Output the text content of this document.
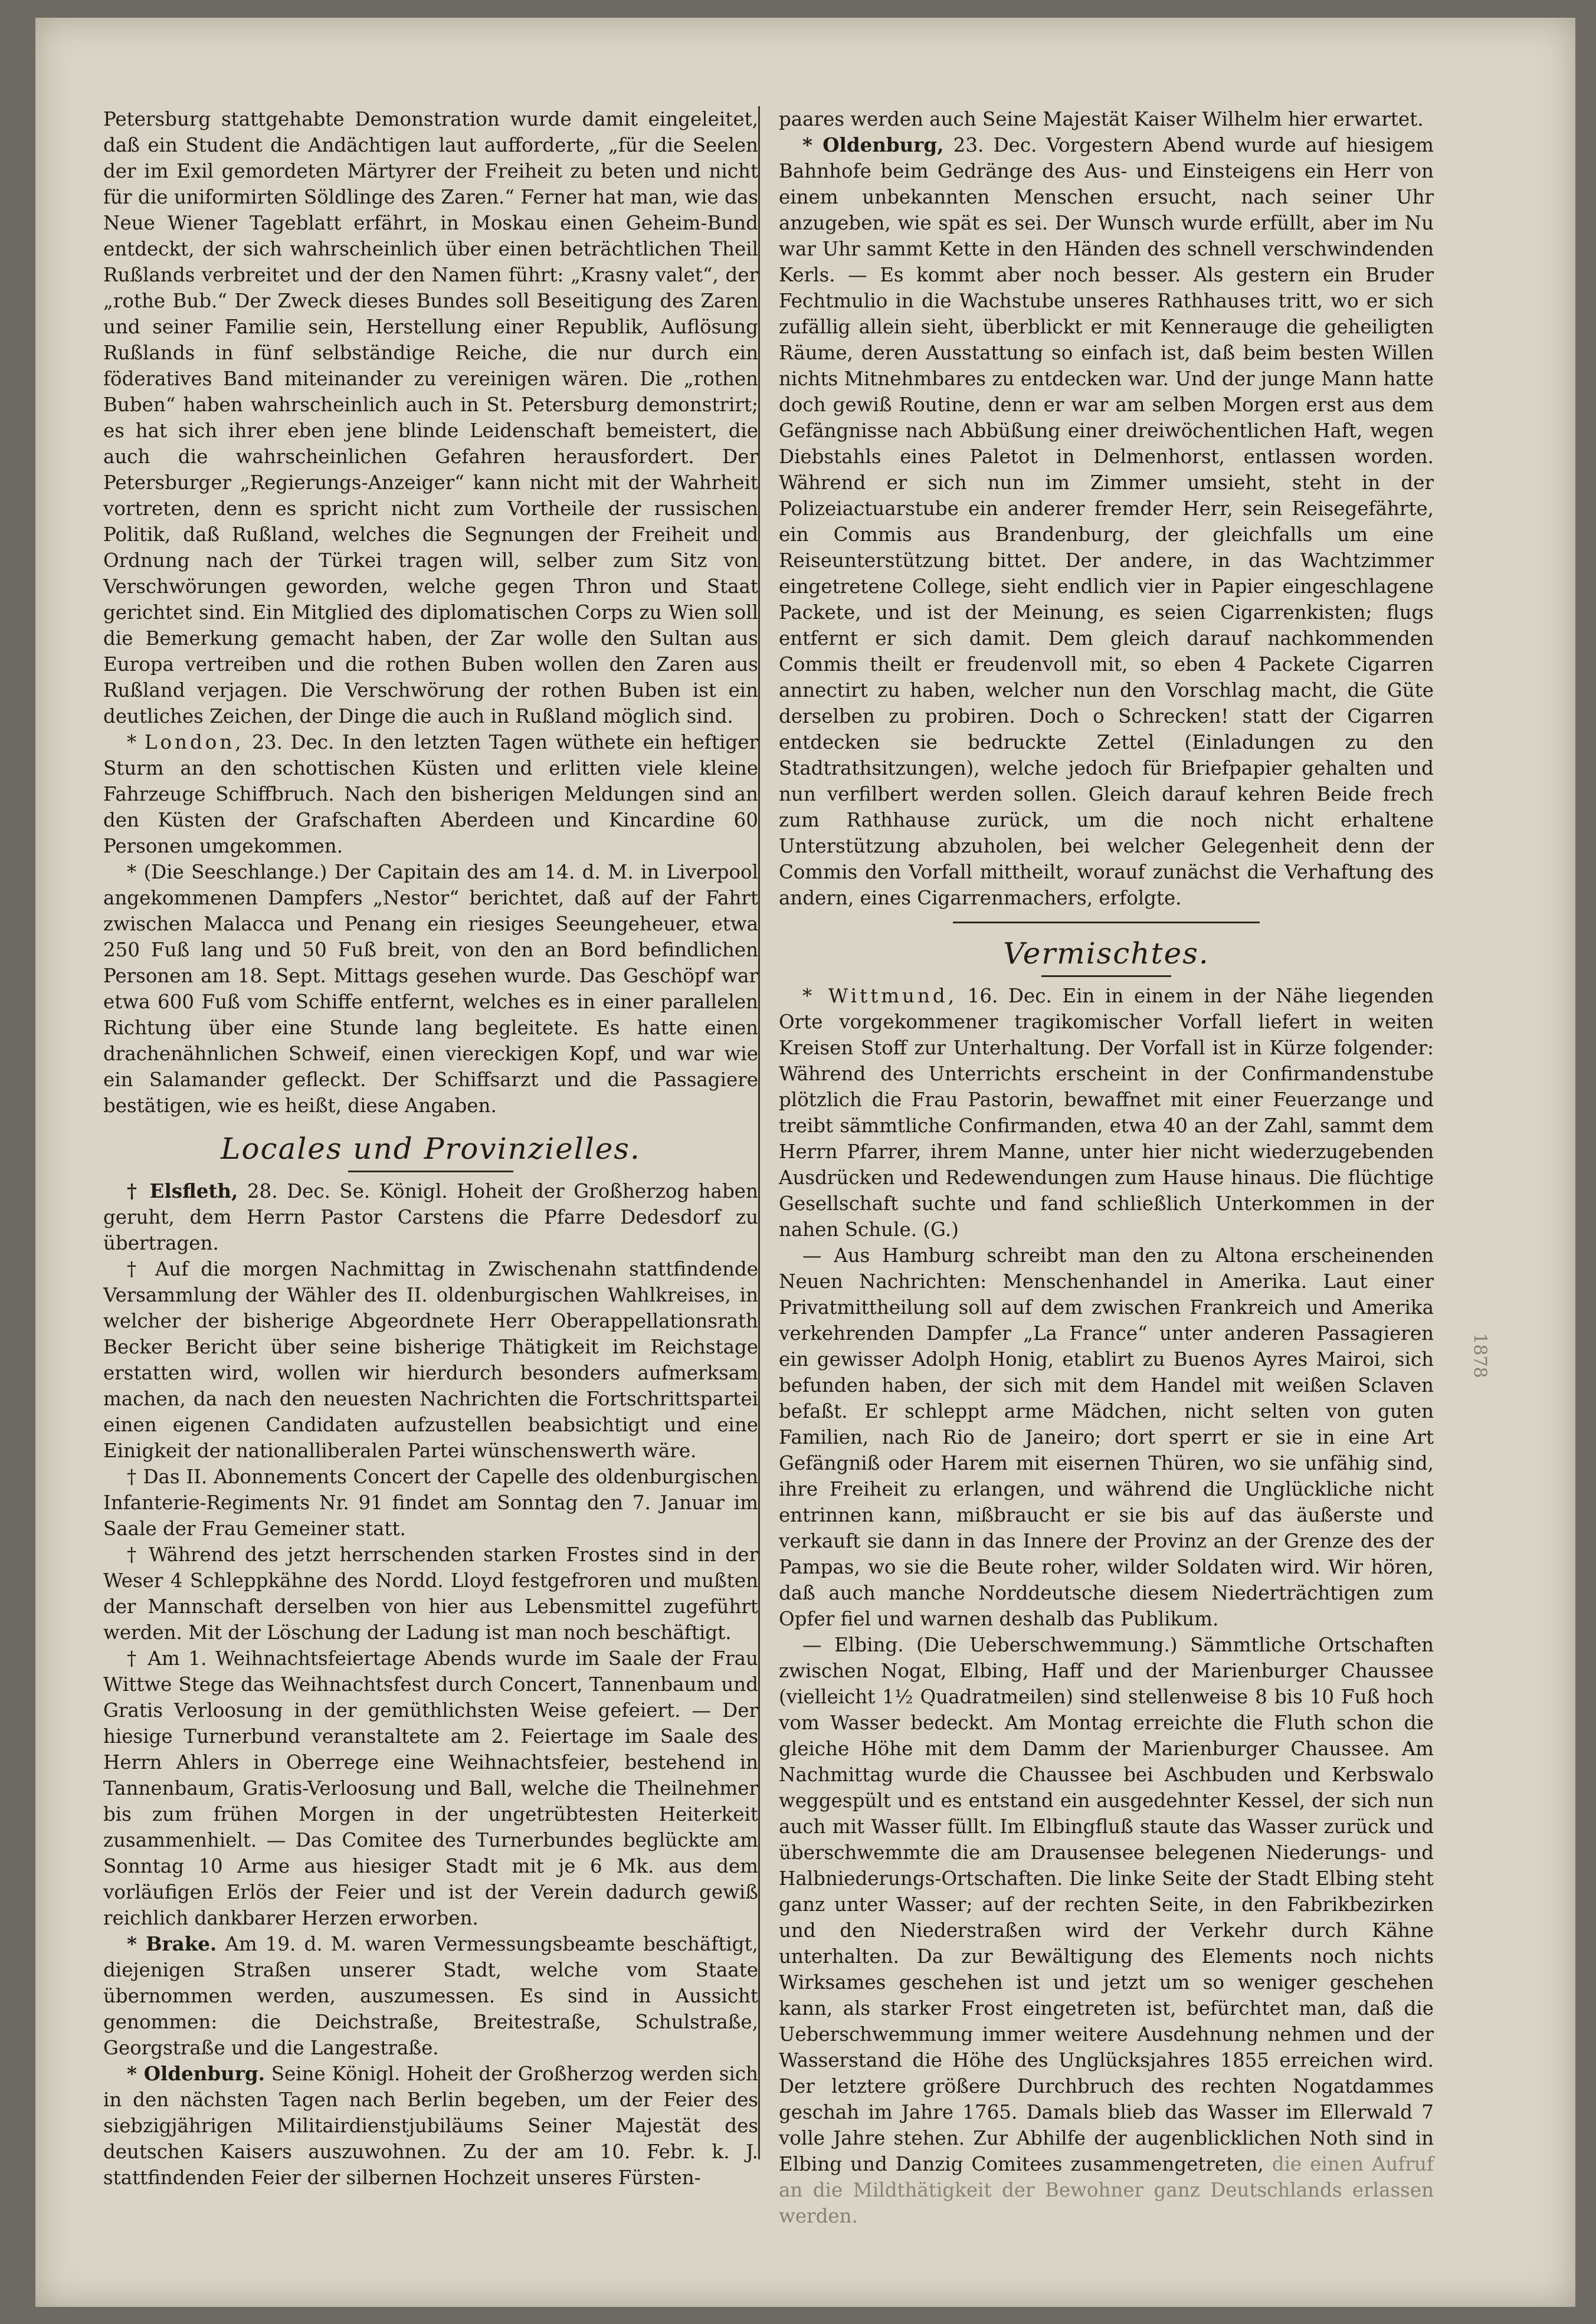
Petersburg stattgehabte Demonstration wurde damit eingeleitet, daß ein Student die Andächtigen laut aufforderte, „für die Seelen der im Exil gemordeten Märtyrer der Freiheit zu beten und nicht für die uniformirten Söldlinge des Zaren.“ Ferner hat man, wie das Neue Wiener Tageblatt erfährt, in Moskau einen Geheim-Bund entdeckt, der sich wahrscheinlich über einen beträchtlichen Theil Rußlands verbreitet und der den Namen führt: „Krasny valet“, der „rothe Bub.“ Der Zweck dieses Bundes soll Beseitigung des Zaren und seiner Familie sein, Herstellung einer Republik, Auflösung Rußlands in fünf selbständige Reiche, die nur durch ein föderatives Band miteinander zu vereinigen wären. Die „rothen Buben“ haben wahrscheinlich auch in St. Petersburg demonstrirt; es hat sich ihrer eben jene blinde Leidenschaft bemeistert, die auch die wahrscheinlichen Gefahren herausfordert. Der Petersburger „Regierungs-Anzeiger“ kann nicht mit der Wahrheit vortreten, denn es spricht nicht zum Vortheile der russischen Politik, daß Rußland, welches die Segnungen der Freiheit und Ordnung nach der Türkei tragen will, selber zum Sitz von Verschwörungen geworden, welche gegen Thron und Staat gerichtet sind. Ein Mitglied des diplomatischen Corps zu Wien soll die Bemerkung gemacht haben, der Zar wolle den Sultan aus Europa vertreiben und die rothen Buben wollen den Zaren aus Rußland verjagen. Die Verschwörung der rothen Buben ist ein deutliches Zeichen, der Dinge die auch in Rußland möglich sind.

* London, 23. Dec. In den letzten Tagen wüthete ein heftiger Sturm an den schottischen Küsten und erlitten viele kleine Fahrzeuge Schiffbruch. Nach den bisherigen Meldungen sind an den Küsten der Grafschaften Aberdeen und Kincardine 60 Personen umgekommen.

* (Die Seeschlange.) Der Capitain des am 14. d. M. in Liverpool angekommenen Dampfers „Nestor“ berichtet, daß auf der Fahrt zwischen Malacca und Penang ein riesiges Seeungeheuer, etwa 250 Fuß lang und 50 Fuß breit, von den an Bord befindlichen Personen am 18. Sept. Mittags gesehen wurde. Das Geschöpf war etwa 600 Fuß vom Schiffe entfernt, welches es in einer parallelen Richtung über eine Stunde lang begleitete. Es hatte einen drachenähnlichen Schweif, einen viereckigen Kopf, und war wie ein Salamander gefleckt. Der Schiffsarzt und die Passagiere bestätigen, wie es heißt, diese Angaben.

Locales und Provinzielles.

† Elsfleth, 28. Dec. Se. Königl. Hoheit der Großherzog haben geruht, dem Herrn Pastor Carstens die Pfarre Dedesdorf zu übertragen.

† Auf die morgen Nachmittag in Zwischenahn stattfindende Versammlung der Wähler des II. oldenburgischen Wahlkreises, in welcher der bisherige Abgeordnete Herr Oberappellationsrath Becker Bericht über seine bisherige Thätigkeit im Reichstage erstatten wird, wollen wir hierdurch besonders aufmerksam machen, da nach den neuesten Nachrichten die Fortschrittspartei einen eigenen Candidaten aufzustellen beabsichtigt und eine Einigkeit der nationalliberalen Partei wünschenswerth wäre.

† Das II. Abonnements Concert der Capelle des oldenburgischen Infanterie-Regiments Nr. 91 findet am Sonntag den 7. Januar im Saale der Frau Gemeiner statt.

† Während des jetzt herrschenden starken Frostes sind in der Weser 4 Schleppkähne des Nordd. Lloyd festgefroren und mußten der Mannschaft derselben von hier aus Lebensmittel zugeführt werden. Mit der Löschung der Ladung ist man noch beschäftigt.

† Am 1. Weihnachtsfeiertage Abends wurde im Saale der Frau Wittwe Stege das Weihnachtsfest durch Concert, Tannenbaum und Gratis Verloosung in der gemüthlichsten Weise gefeiert. — Der hiesige Turnerbund veranstaltete am 2. Feiertage im Saale des Herrn Ahlers in Oberrege eine Weihnachtsfeier, bestehend in Tannenbaum, Gratis-Verloosung und Ball, welche die Theilnehmer bis zum frühen Morgen in der ungetrübtesten Heiterkeit zusammenhielt. — Das Comitee des Turnerbundes beglückte am Sonntag 10 Arme aus hiesiger Stadt mit je 6 Mk. aus dem vorläufigen Erlös der Feier und ist der Verein dadurch gewiß reichlich dankbarer Herzen erworben.

* Brake. Am 19. d. M. waren Vermessungsbeamte beschäftigt, diejenigen Straßen unserer Stadt, welche vom Staate übernommen werden, auszumessen. Es sind in Aussicht genommen: die Deichstraße, Breitestraße, Schulstraße, Georgstraße und die Langestraße.

* Oldenburg. Seine Königl. Hoheit der Großherzog werden sich in den nächsten Tagen nach Berlin begeben, um der Feier des siebzigjährigen Militairdienstjubiläums Seiner Majestät des deutschen Kaisers auszuwohnen. Zu der am 10. Febr. k. J. stattfindenden Feier der silbernen Hochzeit unseres Fürsten-

paares werden auch Seine Majestät Kaiser Wilhelm hier erwartet.

* Oldenburg, 23. Dec. Vorgestern Abend wurde auf hiesigem Bahnhofe beim Gedränge des Aus- und Einsteigens ein Herr von einem unbekannten Menschen ersucht, nach seiner Uhr anzugeben, wie spät es sei. Der Wunsch wurde erfüllt, aber im Nu war Uhr sammt Kette in den Händen des schnell verschwindenden Kerls. — Es kommt aber noch besser. Als gestern ein Bruder Fechtmulio in die Wachstube unseres Rathhauses tritt, wo er sich zufällig allein sieht, überblickt er mit Kennerauge die geheiligten Räume, deren Ausstattung so einfach ist, daß beim besten Willen nichts Mitnehmbares zu entdecken war. Und der junge Mann hatte doch gewiß Routine, denn er war am selben Morgen erst aus dem Gefängnisse nach Abbüßung einer dreiwöchentlichen Haft, wegen Diebstahls eines Paletot in Delmenhorst, entlassen worden. Während er sich nun im Zimmer umsieht, steht in der Polizeiactuarstube ein anderer fremder Herr, sein Reisegefährte, ein Commis aus Brandenburg, der gleichfalls um eine Reiseunterstützung bittet. Der andere, in das Wachtzimmer eingetretene College, sieht endlich vier in Papier eingeschlagene Packete, und ist der Meinung, es seien Cigarrenkisten; flugs entfernt er sich damit. Dem gleich darauf nachkommenden Commis theilt er freudenvoll mit, so eben 4 Packete Cigarren annectirt zu haben, welcher nun den Vorschlag macht, die Güte derselben zu probiren. Doch o Schrecken! statt der Cigarren entdecken sie bedruckte Zettel (Einladungen zu den Stadtrathsitzungen), welche jedoch für Briefpapier gehalten und nun verfilbert werden sollen. Gleich darauf kehren Beide frech zum Rathhause zurück, um die noch nicht erhaltene Unterstützung abzuholen, bei welcher Gelegenheit denn der Commis den Vorfall mittheilt, worauf zunächst die Verhaftung des andern, eines Cigarrenmachers, erfolgte.

Vermischtes.

* Wittmund, 16. Dec. Ein in einem in der Nähe liegenden Orte vorgekommener tragikomischer Vorfall liefert in weiten Kreisen Stoff zur Unterhaltung. Der Vorfall ist in Kürze folgender: Während des Unterrichts erscheint in der Confirmandenstube plötzlich die Frau Pastorin, bewaffnet mit einer Feuerzange und treibt sämmtliche Confirmanden, etwa 40 an der Zahl, sammt dem Herrn Pfarrer, ihrem Manne, unter hier nicht wiederzugebenden Ausdrücken und Redewendungen zum Hause hinaus. Die flüchtige Gesellschaft suchte und fand schließlich Unterkommen in der nahen Schule. (G.)

— Aus Hamburg schreibt man den zu Altona erscheinenden Neuen Nachrichten: Menschenhandel in Amerika. Laut einer Privatmittheilung soll auf dem zwischen Frankreich und Amerika verkehrenden Dampfer „La France“ unter anderen Passagieren ein gewisser Adolph Honig, etablirt zu Buenos Ayres Mairoi, sich befunden haben, der sich mit dem Handel mit weißen Sclaven befaßt. Er schleppt arme Mädchen, nicht selten von guten Familien, nach Rio de Janeiro; dort sperrt er sie in eine Art Gefängniß oder Harem mit eisernen Thüren, wo sie unfähig sind, ihre Freiheit zu erlangen, und während die Unglückliche nicht entrinnen kann, mißbraucht er sie bis auf das äußerste und verkauft sie dann in das Innere der Provinz an der Grenze des der Pampas, wo sie die Beute roher, wilder Soldaten wird. Wir hören, daß auch manche Norddeutsche diesem Niederträchtigen zum Opfer fiel und warnen deshalb das Publikum.

— Elbing. (Die Ueberschwemmung.) Sämmtliche Ortschaften zwischen Nogat, Elbing, Haff und der Marienburger Chaussee (vielleicht 1½ Quadratmeilen) sind stellenweise 8 bis 10 Fuß hoch vom Wasser bedeckt. Am Montag erreichte die Fluth schon die gleiche Höhe mit dem Damm der Marienburger Chaussee. Am Nachmittag wurde die Chaussee bei Aschbuden und Kerbswalo weggespült und es entstand ein ausgedehnter Kessel, der sich nun auch mit Wasser füllt. Im Elbingfluß staute das Wasser zurück und überschwemmte die am Drausensee belegenen Niederungs- und Halbniederungs-Ortschaften. Die linke Seite der Stadt Elbing steht ganz unter Wasser; auf der rechten Seite, in den Fabrikbezirken und den Niederstraßen wird der Verkehr durch Kähne unterhalten. Da zur Bewältigung des Elements noch nichts Wirksames geschehen ist und jetzt um so weniger geschehen kann, als starker Frost eingetreten ist, befürchtet man, daß die Ueberschwemmung immer weitere Ausdehnung nehmen und der Wasserstand die Höhe des Unglücksjahres 1855 erreichen wird. Der letztere größere Durchbruch des rechten Nogatdammes geschah im Jahre 1765. Damals blieb das Wasser im Ellerwald 7 volle Jahre stehen. Zur Abhilfe der augenblicklichen Noth sind in Elbing und Danzig Comitees zusammengetreten, die einen Aufruf an die Mildthätigkeit der Bewohner ganz Deutschlands erlassen werden.

1878
